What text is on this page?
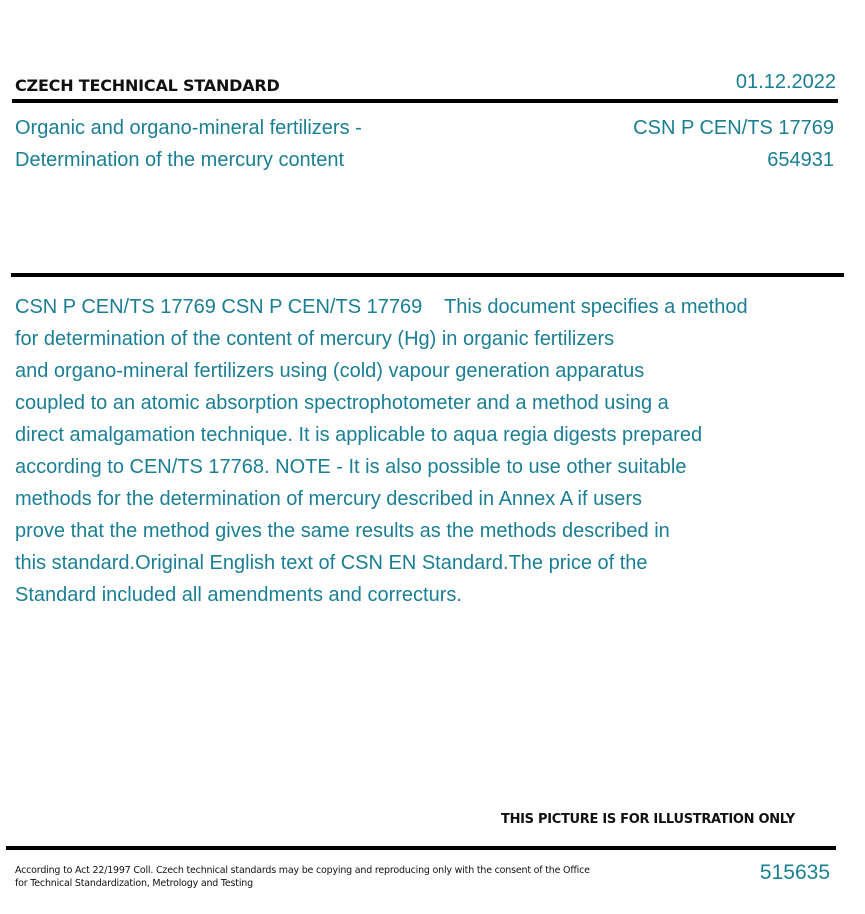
CZECH TECHNICAL STANDARD	01.12.2022
Organic and organo-mineral fertilizers -
Determination of the mercury content
CSN P CEN/TS 17769
654931
CSN P CEN/TS 17769 CSN P CEN/TS 17769    This document specifies a method
for determination of the content of mercury (Hg) in organic fertilizers
and organo-mineral fertilizers using (cold) vapour generation apparatus
coupled to an atomic absorption spectrophotometer and a method using a
direct amalgamation technique. It is applicable to aqua regia digests prepared
according to CEN/TS 17768. NOTE - It is also possible to use other suitable
methods for the determination of mercury described in Annex A if users
prove that the method gives the same results as the methods described in
this standard.Original English text of CSN EN Standard.The price of the
Standard included all amendments and correcturs.
THIS PICTURE IS FOR ILLUSTRATION ONLY
According to Act 22/1997 Coll. Czech technical standards may be copying and reproducing only with the consent of the Office
for Technical Standardization, Metrology and Testing	515635
